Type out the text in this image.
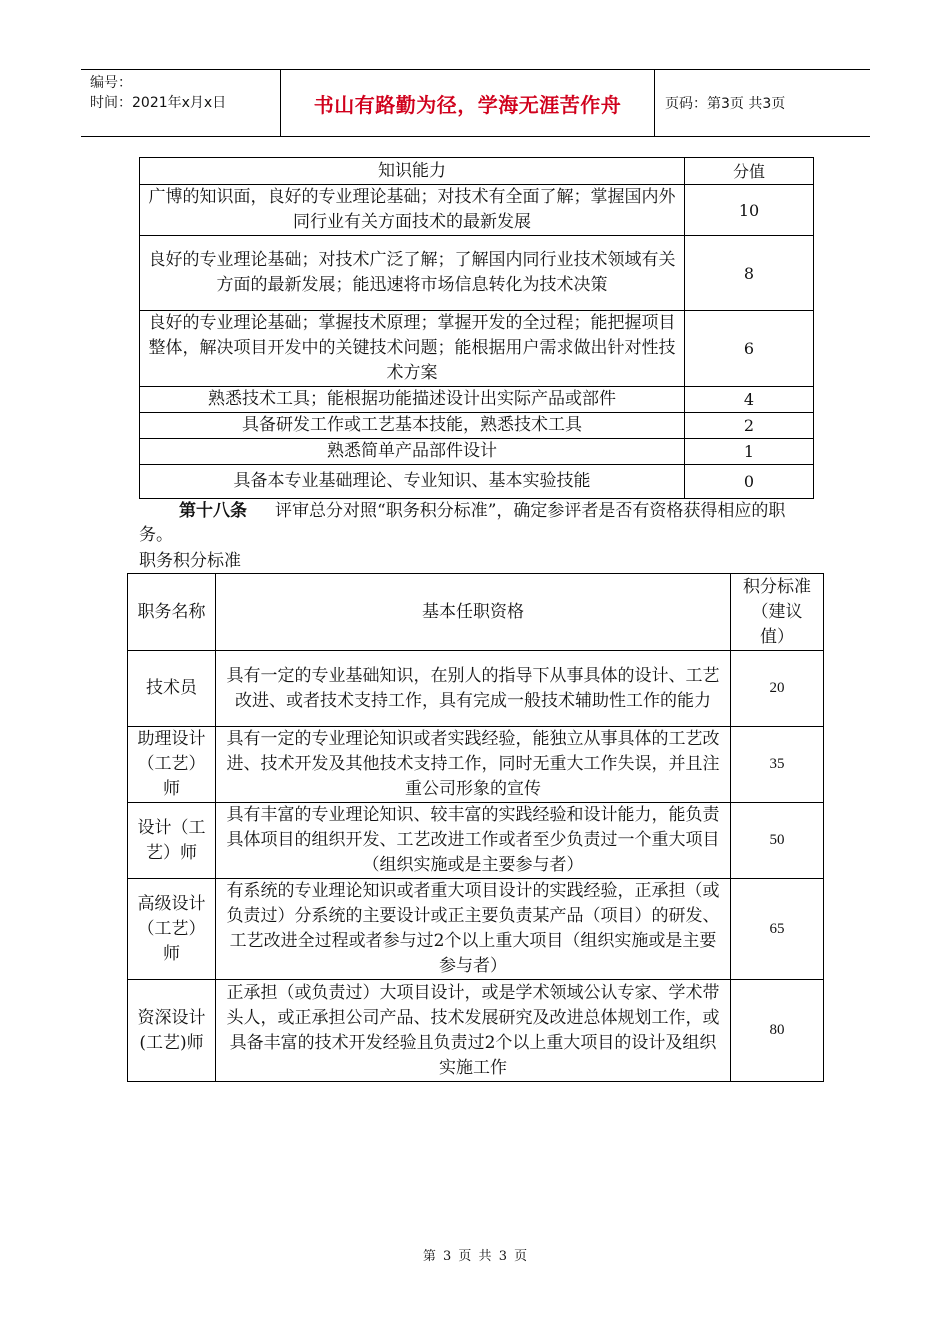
编号：
时间：2021年x月x日	书山有路勤为径，学海无涯苦作舟	页码：第3页 共3页
知识能力	分值
广博的知识面，良好的专业理论基础；对技术有全面了解；掌握国内外同行业有关方面技术的最新发展	10
良好的专业理论基础；对技术广泛了解；了解国内同行业技术领域有关方面的最新发展；能迅速将市场信息转化为技术决策	8
良好的专业理论基础；掌握技术原理；掌握开发的全过程；能把握项目整体，解决项目开发中的关键技术问题；能根据用户需求做出针对性技术方案	6
熟悉技术工具；能根据功能描述设计出实际产品或部件	4
具备研发工作或工艺基本技能，熟悉技术工具	2
熟悉简单产品部件设计	1
具备本专业基础理论、专业知识、基本实验技能	0
第十八条 评审总分对照“职务积分标准”，确定参评者是否有资格获得相应的职务。
职务积分标准
职务名称	基本任职资格	积分标准（建议值）
技术员	具有一定的专业基础知识，在别人的指导下从事具体的设计、工艺改进、或者技术支持工作，具有完成一般技术辅助性工作的能力	20
助理设计（工艺）师	具有一定的专业理论知识或者实践经验，能独立从事具体的工艺改进、技术开发及其他技术支持工作，同时无重大工作失误，并且注重公司形象的宣传	35
设计（工艺）师	具有丰富的专业理论知识、较丰富的实践经验和设计能力，能负责具体项目的组织开发、工艺改进工作或者至少负责过一个重大项目（组织实施或是主要参与者）	50
高级设计（工艺）师	有系统的专业理论知识或者重大项目设计的实践经验，正承担（或负责过）分系统的主要设计或正主要负责某产品（项目）的研发、工艺改进全过程或者参与过2个以上重大项目（组织实施或是主要参与者）	65
资深设计(工艺)师	正承担（或负责过）大项目设计，或是学术领域公认专家、学术带头人，或正承担公司产品、技术发展研究及改进总体规划工作，或具备丰富的技术开发经验且负责过2个以上重大项目的设计及组织实施工作	80
第 3 页 共 3 页
